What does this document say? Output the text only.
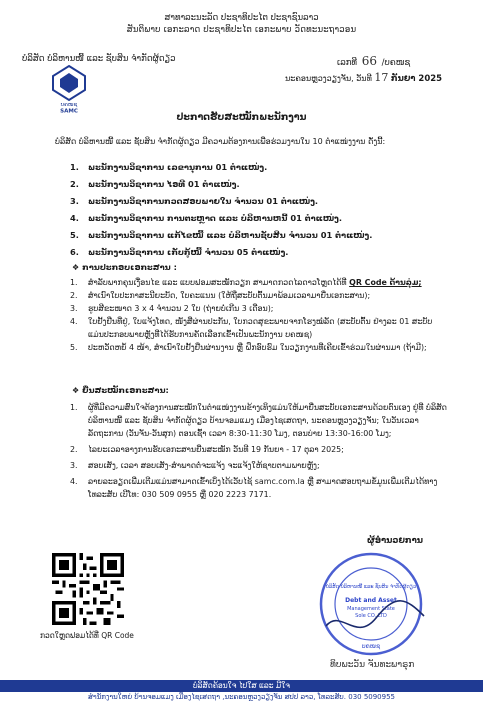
ສາທາລະນະລັດ ປະຊາທິປະໄຕ ປະຊາຊົນລາວ
ສັນຕິພາບ ເອກະລາດ ປະຊາທິປະໄຕ ເອກະພາບ ວັດທະນະຖາວອນ
ບໍລິສັດ ບໍລິຫານໜີ້ ແລະ ຊັບສິນ ຈຳກັດຜູ້ດຽວ	ເລກທີ 66 /ບຄໜຊ
ນະຄອນຫຼວງວຽງຈັນ, ວັນທີ 17 ກັນຍາ 2025
ບຄໜຊ
SAMC
ປະກາດຮັບສະໝັກພະນັກງານ
ບໍລິສັດ ບໍລິຫານໜີ້ ແລະ ຊັບສິນ ຈຳກັດຜູ້ດຽວ ມີຄວາມຕ້ອງການເພື່ອຮ່ວມງານໃນ 10 ຕຳແໜ່ງງານ ດັ່ງນີ້:
1. ພະນັກງານວິຊາການ ເລຂານຸການ 01 ຕຳແໜ່ງ.
2. ພະນັກງານວິຊາການ ໄອທີ 01 ຕຳແໜ່ງ.
3. ພະນັກງານວິຊາການກວດສອບພາຍໃນ ຈຳນວນ 01 ຕຳແໜ່ງ.
4. ພະນັກງານວິຊາການ ການຕະຫຼາດ ແລະ ບໍລິຫານຫນີ້ 01 ຕຳແໜ່ງ.
5. ພະນັກງານວິຊາການ ແກ້ໄຂໜີ້ ແລະ ບໍລິຫານຊັບສິນ ຈຳນວນ 01 ຕຳແໜ່ງ.
6. ພະນັກງານວິຊາການ ເກັບກູ້ໜີ້ ຈຳນວນ 05 ຕຳແໜ່ງ.
❖ ການປະກອບເອກະສານ :
1. ສຳລັບພາກຄຸນເງື່ອນໄຂ ແລະ ແບບຟອມສະໝັກວຽກ ສາມາດກວດໄລດາວໂຫຼດໄດ້ທີ່ QR Code ດ້ານລຸ່ມ;
2. ສຳເນົາໃບປະກາສະນີຍະບັດ, ໃບຄະແນນ (ໃຫ້ຖືສະບັບຕົ້ນມາພ້ອມເວລາມາຍື່ນເອກະສານ);
3. ຮູບສີຂະໜາດ 3 x 4 ຈຳນວນ 2 ໃບ (ຖ່າຍບໍ່ເກີນ 3 ເດືອນ);
4. ໃບຢັ້ງຢືນທີ່ຢູ່, ໃບແຈ້ງໂທດ, ໜັງສືຜ່ານປະກັນ, ໃບກວດສຸຂະພາບຈາກໂຮງໝໍລັດ (ສະບັບຕົ້ນ ຢ່າງລະ 01 ສະບັບ ແມ່ນປະກອບພາຍຫຼັງທີ່ໄດ້ຮັບການຄັດເລືອກເຂົ້າເປັນພະນັກງານ ບຄໜຊ)
5. ປະຫວັດຫຍໍ້ 4 ໜ້າ, ສຳເນົາໃບຢັ້ງຢືນຜ່ານງານ ຫຼື ຝຶກອົບຮົມ ໃນວຽກງານທີ່ເຄີຍເຂົ້າຮ່ວມໃນຜ່ານມາ (ຖ້າມີ);
❖ ຍື່ນສະໝັກເອກະສານ:
1. ຜູ້ທີ່ມີຄວາມສົນໃຈຕ້ອງການສະໝັກໃນຕຳແໜ່ງງານຂ້າງເທິງແມ່ນໃຫ້ມາຍື່ນສະບັບເອກະສານດ້ວຍຕົນເອງ ຢູ່ທີ່ ບໍລິສັດ ບໍລິຫານໜີ້ ແລະ ຊັບສິນ ຈຳກັດຜູ້ດຽວ ບ້ານຈອມແມງ ເມືອງໄຊເສດຖາ, ນະຄອນຫຼວງວຽງຈັນ; ໃນວັນເວລາລັດຖະການ (ວັນຈັນ-ວັນສຸກ) ຕອນເຊົ້າ ເວລາ 8:30-11:30 ໂມງ, ຕອນບ່າຍ 13:30-16:00 ໂມງ;
2. ໄລຍະເວລາອາງການຮັບເອກະສານຍື່ນສະໝັກ ວັນທີ 19 ກັນຍາ - 17 ຕຸລາ 2025;
3. ສອບເສັງ, ເວລາ ສອບເສັງ-ສໍາພາດຕໍ່ຈະແຈ້ງ ຈະແຈ້ງໃຫ້ຊາບຕາມພາຍຫຼັງ;
4. ລາຍລະອຽດເພີ່ມເຕີມແມ່ນສາມາດເຂົ້າເບິ່ງໄດ້ເວັບໄຊ້ samc.com.la ຫຼື ສາມາດສອບຖາມຂໍ້ມູນເພີ່ມເຕີມໄດ້ທາງໂທລະສັບ ເບີໂທ: 030 509 0955 ຫຼື 020 2223 7171.
ຜູ້ອຳນວຍການ
ບໍລິສັດ ບໍລິຫານໜີ້ ແລະ ຊັບສິນ ຈຳກັດຜູ້ດຽວ
Debt and Asset
Management State
Sole CO.,LTD
ບຄໜຊ
ທິບພະວັນ ຈັນທະພາຣຸກ
ກວດໃຫຼດຟອມໄດ້ທີ່ QR Code
ບໍລິສັດຄ້ອນໃຈ ໄປໃສ ແລະ ມີໃຈ
ສຳນັກງານໃຫຍ່ ບ້ານຈອມແມງ ເມືອງໄຊເສດຖາ ,ນະຄອນຫຼວງວຽງຈັນ ສປປ ລາວ, ໂທລະສັບ. 030 5090955
